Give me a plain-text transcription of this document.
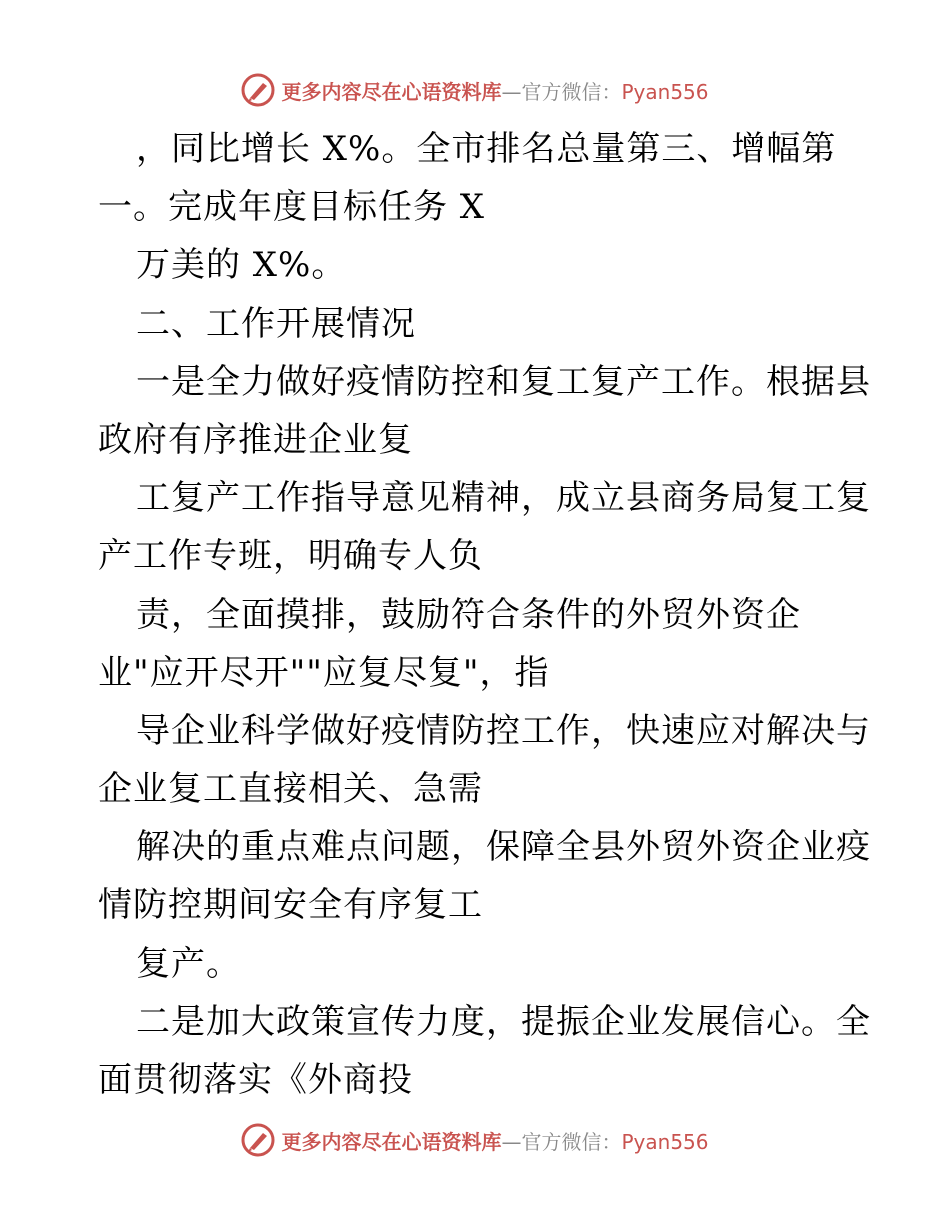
更多内容尽在心语资料库—官方微信：Pyan556
，同比增长 X%。全市排名总量第三、增幅第
一。完成年度目标任务 X
万美的 X%。
二、工作开展情况
一是全力做好疫情防控和复工复产工作。根据县
政府有序推进企业复
工复产工作指导意见精神，成立县商务局复工复
产工作专班，明确专人负
责，全面摸排，鼓励符合条件的外贸外资企
业"应开尽开""应复尽复"，指
导企业科学做好疫情防控工作，快速应对解决与
企业复工直接相关、急需
解决的重点难点问题，保障全县外贸外资企业疫
情防控期间安全有序复工
复产。
二是加大政策宣传力度，提振企业发展信心。全
面贯彻落实《外商投
更多内容尽在心语资料库—官方微信：Pyan556
